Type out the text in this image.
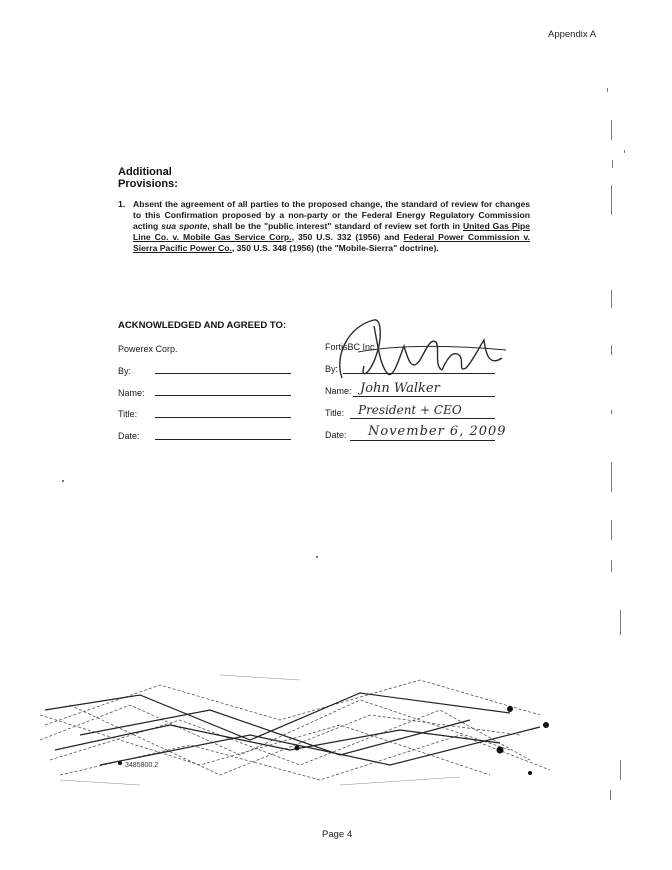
Appendix A
Additional
Provisions:
1. Absent the agreement of all parties to the proposed change, the standard of review for changes to this Confirmation proposed by a non-party or the Federal Energy Regulatory Commission acting sua sponte, shall be the "public interest" standard of review set forth in United Gas Pipe Line Co. v. Mobile Gas Service Corp., 350 U.S. 332 (1956) and Federal Power Commission v. Sierra Pacific Power Co., 350 U.S. 348 (1956) (the "Mobile-Sierra" doctrine).
ACKNOWLEDGED AND AGREED TO:
Powerex Corp.
By:
Name:
Title:
Date:
FortisBC Inc.
By:
Name:
Title:
Date:
John Walker
President + CEO
November 6, 2009
3485800.2
Page 4
